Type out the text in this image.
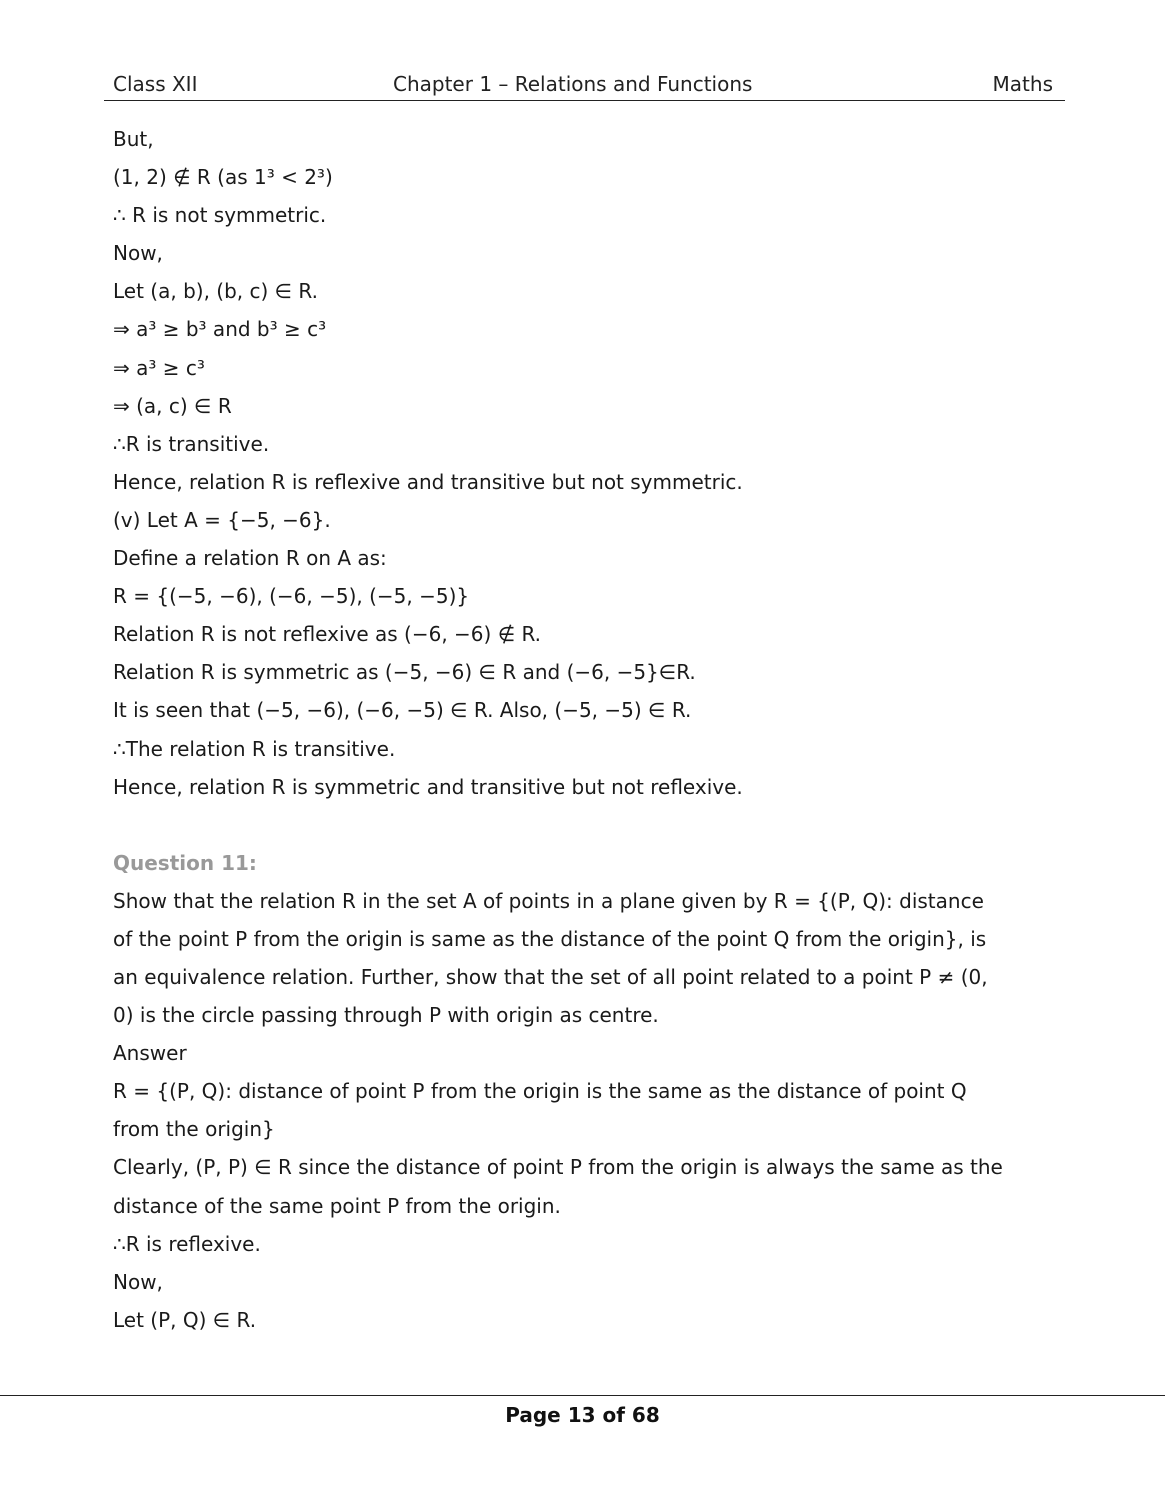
Class XII	Chapter 1 – Relations and Functions	Maths
But,
(1, 2) ∉ R (as 1³ < 2³)
∴ R is not symmetric.
Now,
Let (a, b), (b, c) ∈ R.
⇒ a³ ≥ b³ and b³ ≥ c³
⇒ a³ ≥ c³
⇒ (a, c) ∈ R
∴R is transitive.
Hence, relation R is reflexive and transitive but not symmetric.
(v) Let A = {−5, −6}.
Define a relation R on A as:
R = {(−5, −6), (−6, −5), (−5, −5)}
Relation R is not reflexive as (−6, −6) ∉ R.
Relation R is symmetric as (−5, −6) ∈ R and (−6, −5}∈R.
It is seen that (−5, −6), (−6, −5) ∈ R. Also, (−5, −5) ∈ R.
∴The relation R is transitive.
Hence, relation R is symmetric and transitive but not reflexive.
Question 11:
Show that the relation R in the set A of points in a plane given by R = {(P, Q): distance
of the point P from the origin is same as the distance of the point Q from the origin}, is
an equivalence relation. Further, show that the set of all point related to a point P ≠ (0,
0) is the circle passing through P with origin as centre.
Answer
R = {(P, Q): distance of point P from the origin is the same as the distance of point Q
from the origin}
Clearly, (P, P) ∈ R since the distance of point P from the origin is always the same as the
distance of the same point P from the origin.
∴R is reflexive.
Now,
Let (P, Q) ∈ R.
Page 13 of 68
